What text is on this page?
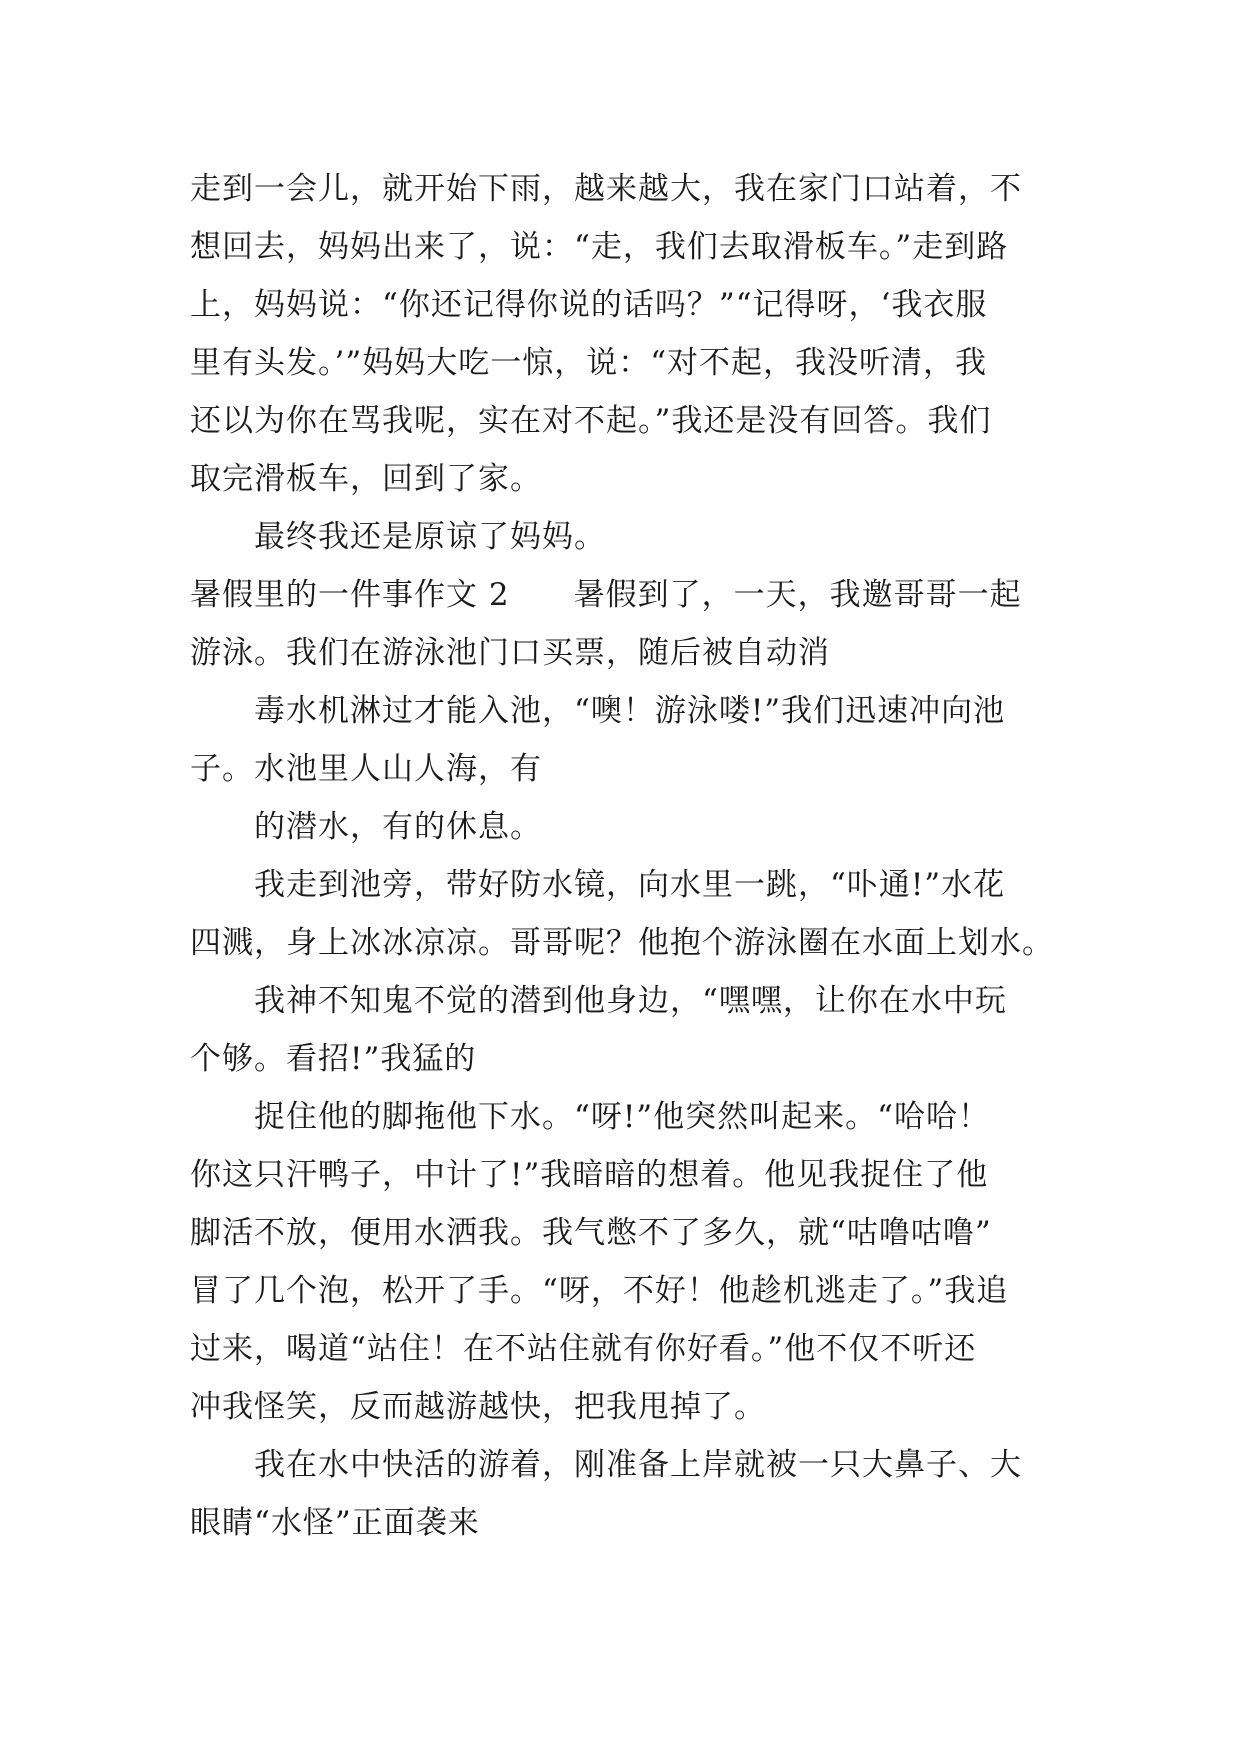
走到一会儿，就开始下雨，越来越大，我在家门口站着，不
想回去，妈妈出来了，说：“走，我们去取滑板车。”走到路
上，妈妈说：“你还记得你说的话吗？”“记得呀，‘我衣服
里有头发。’”妈妈大吃一惊，说：“对不起，我没听清，我
还以为你在骂我呢，实在对不起。”我还是没有回答。我们
取完滑板车，回到了家。
最终我还是原谅了妈妈。
暑假里的一件事作文 2 暑假到了，一天，我邀哥哥一起
游泳。我们在游泳池门口买票，随后被自动消
毒水机淋过才能入池，“噢！游泳喽!”我们迅速冲向池
子。水池里人山人海，有
的潜水，有的休息。
我走到池旁，带好防水镜，向水里一跳，“卟通!”水花
四溅，身上冰冰凉凉。哥哥呢？他抱个游泳圈在水面上划水。
我神不知鬼不觉的潜到他身边，“嘿嘿，让你在水中玩
个够。看招!”我猛的
捉住他的脚拖他下水。“呀!”他突然叫起来。“哈哈！
你这只汗鸭子，中计了!”我暗暗的想着。他见我捉住了他
脚活不放，便用水洒我。我气憋不了多久，就“咕噜咕噜”
冒了几个泡，松开了手。“呀，不好！他趁机逃走了。”我追
过来，喝道“站住！在不站住就有你好看。”他不仅不听还
冲我怪笑，反而越游越快，把我甩掉了。
我在水中快活的游着，刚准备上岸就被一只大鼻子、大
眼睛“水怪”正面袭来
